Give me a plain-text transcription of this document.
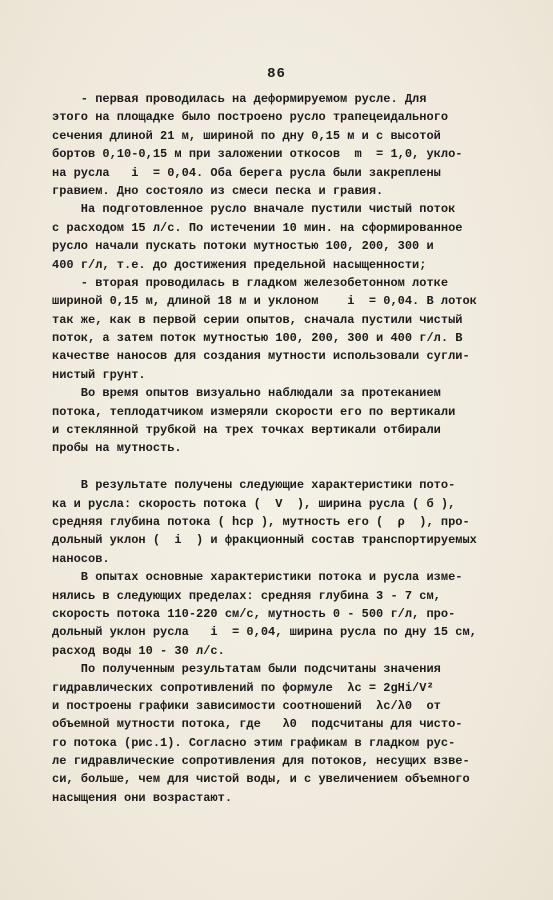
86
- первая проводилась на деформируемом русле. Для
этого на площадке было построено русло трапецеидального
сечения длиной 21 м, шириной по дну 0,15 м и с высотой
бортов 0,10-0,15 м при заложении откосов  m  = 1,0, укло-
на русла   i  = 0,04. Оба берега русла были закреплены
гравием. Дно состояло из смеси песка и гравия.
На подготовленное русло вначале пустили чистый поток
с расходом 15 л/с. По истечении 10 мин. на сформированное
русло начали пускать потоки мутностью 100, 200, 300 и
400 г/л, т.е. до достижения предельной насыщенности;
- вторая проводилась в гладком железобетонном лотке
шириной 0,15 м, длиной 18 м и уклоном    i  = 0,04. В лоток
так же, как в первой серии опытов, сначала пустили чистый
поток, а затем поток мутностью 100, 200, 300 и 400 г/л. В
качестве наносов для создания мутности использовали сугли-
нистый грунт.
Во время опытов визуально наблюдали за протеканием
потока, теплодатчиком измеряли скорости его по вертикали
и стеклянной трубкой на трех точках вертикали отбирали
пробы на мутность.
В результате получены следующие характеристики пото-
ка и русла: скорость потока (  V  ), ширина русла ( б ),
средняя глубина потока ( hср ), мутность его (  ρ  ), про-
дольный уклон (  i  ) и фракционный состав транспортируемых
наносов.
В опытах основные характеристики потока и русла изме-
нялись в следующих пределах: средняя глубина 3 - 7 см,
скорость потока 110-220 см/с, мутность 0 - 500 г/л, про-
дольный уклон русла   i  = 0,04, ширина русла по дну 15 см,
расход воды 10 - 30 л/с.
По полученным результатам были подсчитаны значения
гидравлических сопротивлений по формуле  λс = 2gHi/V²
и построены графики зависимости соотношений  λс/λ0  от
объемной мутности потока, где   λ0  подсчитаны для чисто-
го потока (рис.1). Согласно этим графикам в гладком рус-
ле гидравлические сопротивления для потоков, несущих взве-
си, больше, чем для чистой воды, и с увеличением объемного
насыщения они возрастают.
